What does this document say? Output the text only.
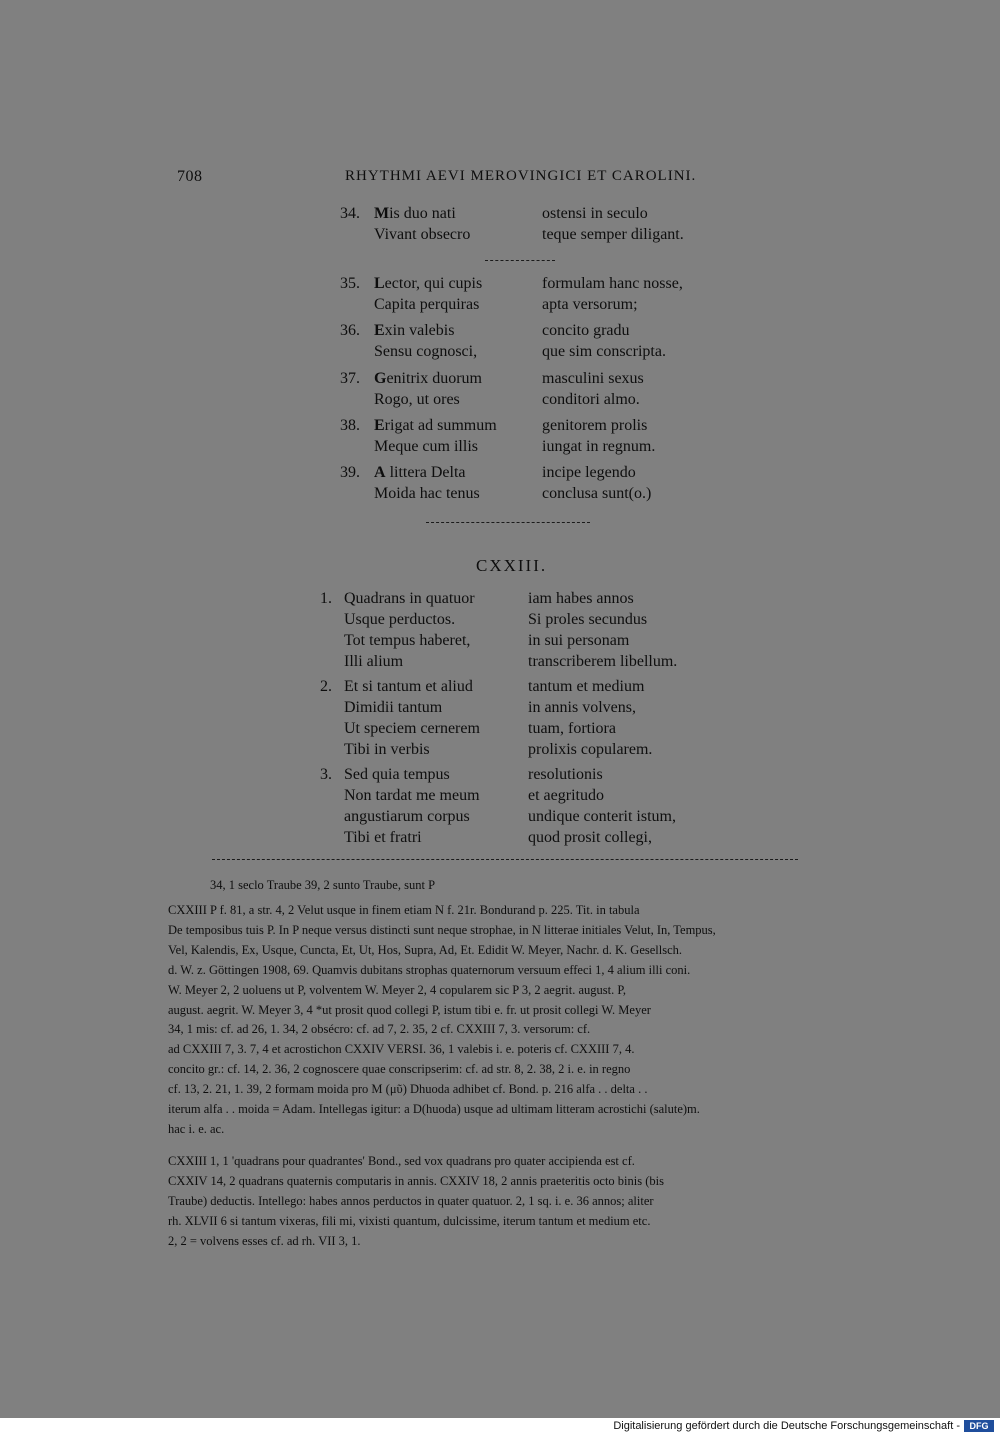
708	RHYTHMI AEVI MEROVINGICI ET CAROLINI.
34. Mis duo nati	ostensi in seculo
Vivant obsecro	teque semper diligant.
35. Lector, qui cupis	formulam hanc nosse,
Capita perquiras	apta versorum;
36. Exin valebis	concito gradu
Sensu cognosci,	que sim conscripta.
37. Genitrix duorum	masculini sexus
Rogo, ut ores	conditori almo.
38. Erigat ad summum	genitorem prolis
Meque cum illis	iungat in regnum.
39. A littera Delta	incipe legendo
Moida hac tenus	conclusa sunt(o.)
CXXIII.
1. Quadrans in quatuor	iam habes annos
Usque perductos.	Si proles secundus
Tot tempus haberet,	in sui personam
Illi alium	transcriberem libellum.
2. Et si tantum et aliud	tantum et medium
Dimidii tantum	in annis volvens,
Ut speciem cernerem	tuam, fortiora
Tibi in verbis	prolixis copularem.
3. Sed quia tempus	resolutionis
Non tardat me meum	et aegritudo
angustiarum corpus	undique conterit istum,
Tibi et fratri	quod prosit collegi,
34, 1 seclo Traube 39, 2 sunto Traube, sunt P
CXXIII P f. 81, a str. 4, 2 Velut usque in finem etiam N f. 21r. Bondurand p. 225. Tit. in tabula
De temposibus tuis P. In P neque versus distincti sunt neque strophae, in N litterae initiales Velut, In, Tempus,
Vel, Kalendis, Ex, Usque, Cuncta, Et, Ut, Hos, Supra, Ad, Et. Edidit W. Meyer, Nachr. d. K. Gesellsch.
d. W. z. Göttingen 1908, 69. Quamvis dubitans strophas quaternorum versuum effeci 1, 4 alium illi coni.
W. Meyer 2, 2 uoluens ut P, volventem W. Meyer 2, 4 copularem sic P 3, 2 aegrit. august. P,
august. aegrit. W. Meyer 3, 4 *ut prosit quod collegi P, istum tibi e. fr. ut prosit collegi W. Meyer
34, 1 mis: cf. ad 26, 1. 34, 2 obsécro: cf. ad 7, 2. 35, 2 cf. CXXIII 7, 3. versorum: cf.
ad CXXIII 7, 3. 7, 4 et acrostichon CXXIV VERSI. 36, 1 valebis i. e. poteris cf. CXXIII 7, 4.
concito gr.: cf. 14, 2. 36, 2 cognoscere quae conscripserim: cf. ad str. 8, 2. 38, 2 i. e. in regno
cf. 13, 2. 21, 1. 39, 2 formam moida pro M (μῦ) Dhuoda adhibet cf. Bond. p. 216 alfa . . delta . .
iterum alfa . . moida = Adam. Intellegas igitur: a D(huoda) usque ad ultimam litteram acrostichi (salute)m.
hac i. e. ac.
CXXIII 1, 1 'quadrans pour quadrantes' Bond., sed vox quadrans pro quater accipienda est cf.
CXXIV 14, 2 quadrans quaternis computaris in annis. CXXIV 18, 2 annis praeteritis octo binis (bis
Traube) deductis. Intellego: habes annos perductos in quater quatuor. 2, 1 sq. i. e. 36 annos; aliter
rh. XLVII 6 si tantum vixeras, fili mi, vixisti quantum, dulcissime, iterum tantum et medium etc.
2, 2 = volvens esses cf. ad rh. VII 3, 1.
Digitalisierung gefördert durch die Deutsche Forschungsgemeinschaft -	DFG
